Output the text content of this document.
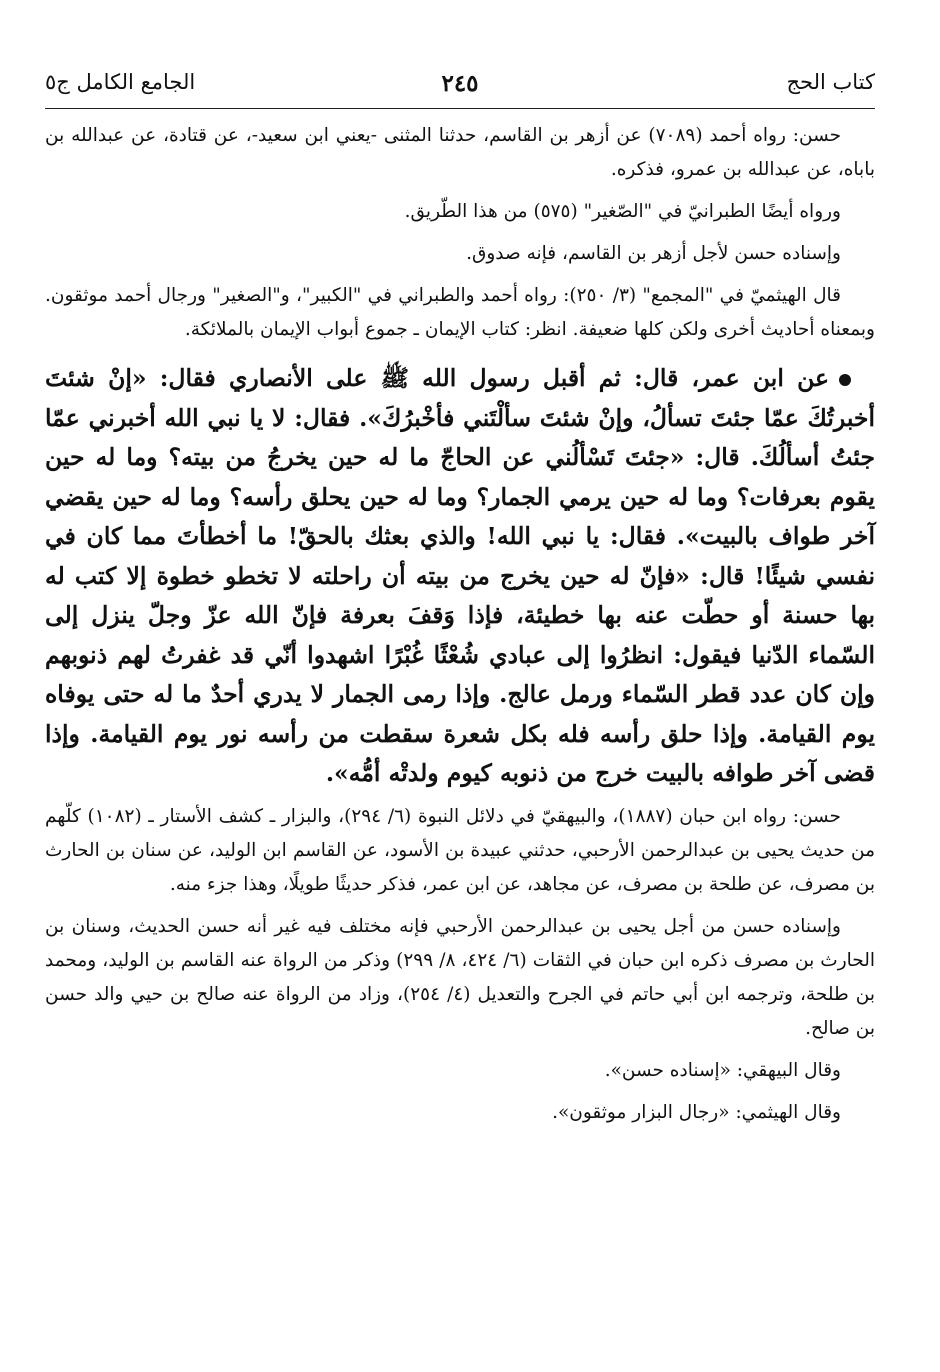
كتاب الحج
٢٤٥
الجامع الكامل ج٥

حسن: رواه أحمد (٧٠٨٩) عن أزهر بن القاسم، حدثنا المثنى -يعني ابن سعيد-، عن قتادة، عن عبدالله بن باباه، عن عبدالله بن عمرو، فذكره.

ورواه أيضًا الطبرانيّ في "الصّغير" (٥٧٥) من هذا الطّريق.

وإسناده حسن لأجل أزهر بن القاسم، فإنه صدوق.

قال الهيثميّ في "المجمع" (٣/ ٢٥٠): رواه أحمد والطبراني في "الكبير"، و"الصغير" ورجال أحمد موثقون. وبمعناه أحاديث أخرى ولكن كلها ضعيفة. انظر: كتاب الإيمان ـ جموع أبواب الإيمان بالملائكة.

عن ابن عمر، قال: ثم أقبل رسول الله ﷺ على الأنصاري فقال: «إنْ شئتَ أخبرتُكَ عمّا جئتَ تسألُ، وإنْ شئتَ سألْتَني فأخْبرُكَ». فقال: لا يا نبي الله أخبرني عمّا جئتُ أسألُكَ. قال: «جئتَ تَسْألُني عن الحاجّ ما له حين يخرجُ من بيته؟ وما له حين يقوم بعرفات؟ وما له حين يرمي الجمار؟ وما له حين يحلق رأسه؟ وما له حين يقضي آخر طواف بالبيت». فقال: يا نبي الله! والذي بعثك بالحقّ! ما أخطأتَ مما كان في نفسي شيئًا! قال: «فإنّ له حين يخرج من بيته أن راحلته لا تخطو خطوة إلا كتب له بها حسنة أو حطّت عنه بها خطيئة، فإذا وَقفَ بعرفة فإنّ الله عزّ وجلّ ينزل إلى السّماء الدّنيا فيقول: انظرُوا إلى عبادي شُعْثًا غُبْرًا اشهدوا أنّي قد غفرتُ لهم ذنوبهم وإن كان عدد قطر السّماء ورمل عالج. وإذا رمى الجمار لا يدري أحدٌ ما له حتى يوفاه يوم القيامة. وإذا حلق رأسه فله بكل شعرة سقطت من رأسه نور يوم القيامة. وإذا قضى آخر طوافه بالبيت خرج من ذنوبه كيوم ولدتْه أمُّه».

حسن: رواه ابن حبان (١٨٨٧)، والبيهقيّ في دلائل النبوة (٦/ ٢٩٤)، والبزار ـ كشف الأستار ـ (١٠٨٢) كلّهم من حديث يحيى بن عبدالرحمن الأرحبي، حدثني عبيدة بن الأسود، عن القاسم ابن الوليد، عن سنان بن الحارث بن مصرف، عن طلحة بن مصرف، عن مجاهد، عن ابن عمر، فذكر حديثًا طويلًا، وهذا جزء منه.

وإسناده حسن من أجل يحيى بن عبدالرحمن الأرحبي فإنه مختلف فيه غير أنه حسن الحديث، وسنان بن الحارث بن مصرف ذكره ابن حبان في الثقات (٦/ ٤٢٤، ٨/ ٢٩٩) وذكر من الرواة عنه القاسم بن الوليد، ومحمد بن طلحة، وترجمه ابن أبي حاتم في الجرح والتعديل (٤/ ٢٥٤)، وزاد من الرواة عنه صالح بن حيي والد حسن بن صالح.

وقال البيهقي: «إسناده حسن».

وقال الهيثمي: «رجال البزار موثقون».
